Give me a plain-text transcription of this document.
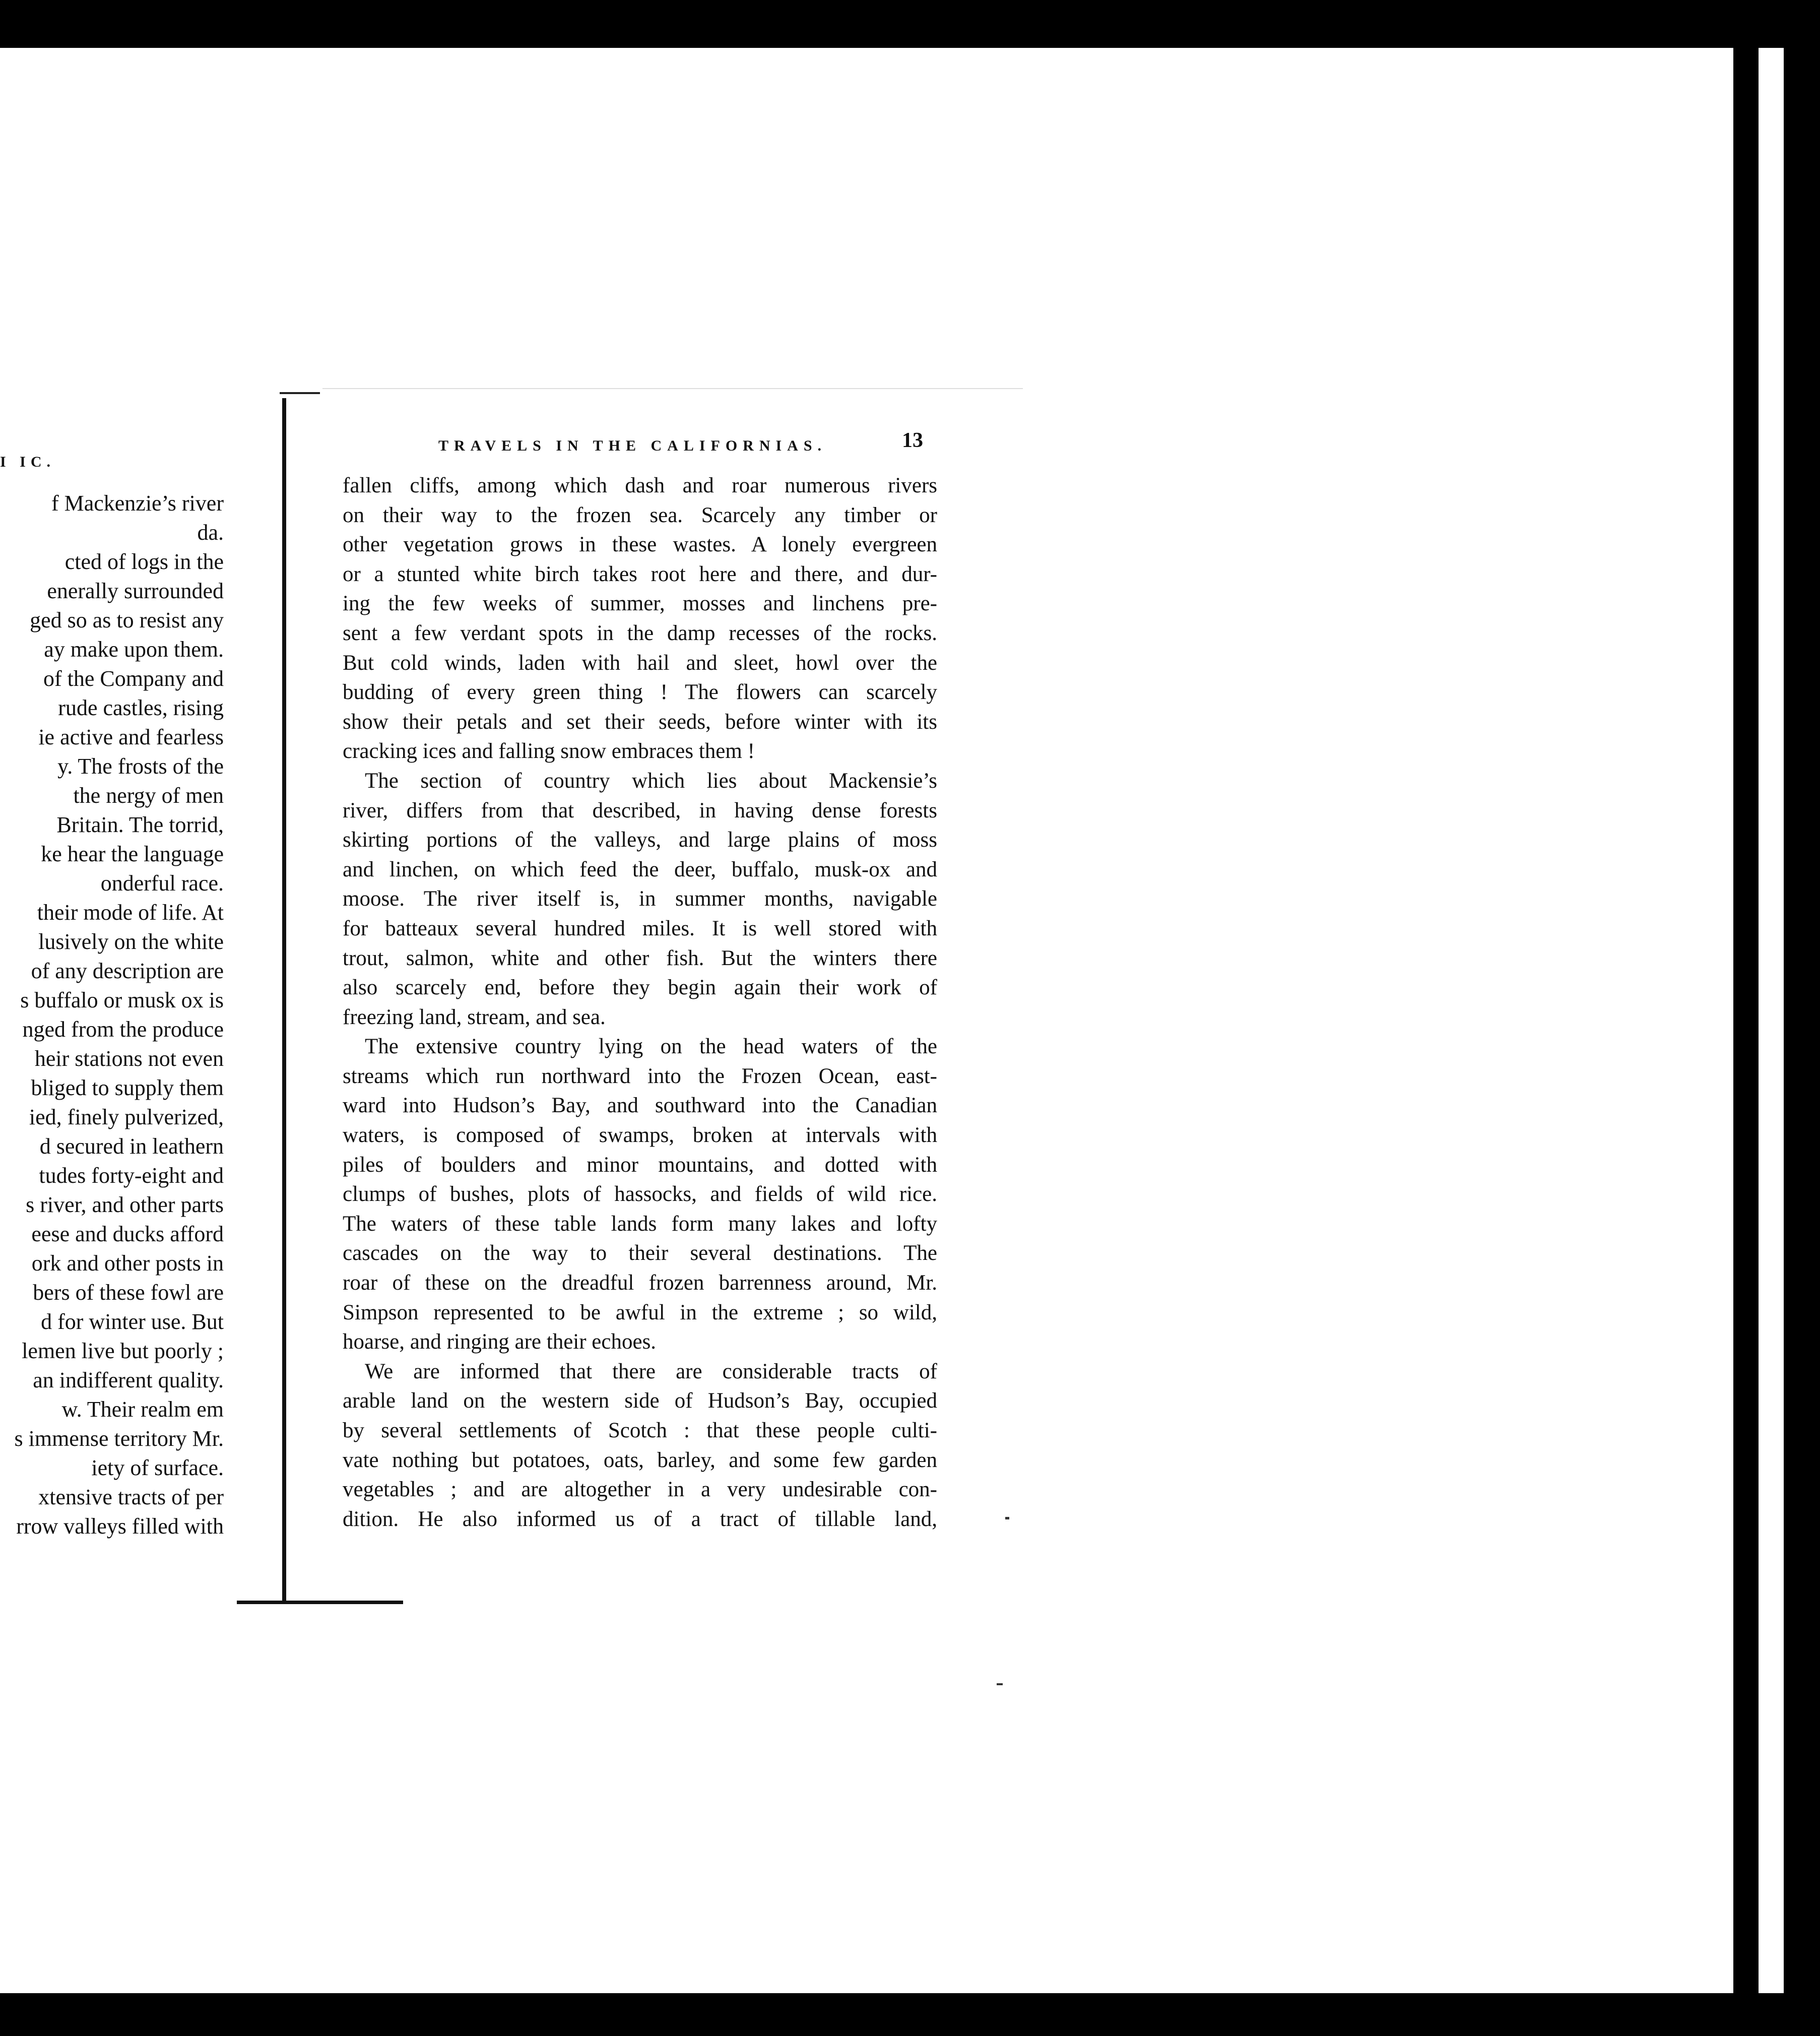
I IC.
f Mackenzie’s river
da.
cted of logs in the
enerally surrounded
ged so as to resist any
ay make upon them.
of the Company and
rude castles, rising
ie active and fearless
y. The frosts of the
the nergy of men
Britain. The torrid,
ke hear the language
onderful race.
their mode of life. At
lusively on the white
of any description are
s buffalo or musk ox is
nged from the produce
heir stations not even
bliged to supply them
ied, finely pulverized,
d secured in leathern
tudes forty-eight and
s river, and other parts
eese and ducks afford
ork and other posts in
bers of these fowl are
d for winter use. But
lemen live but poorly ;
an indifferent quality.
w. Their realm em
s immense territory Mr.
iety of surface.
xtensive tracts of per
rrow valleys filled with
TRAVELS IN THE CALIFORNIAS.	13
fallen cliffs, among which dash and roar numerous rivers
on their way to the frozen sea. Scarcely any timber or
other vegetation grows in these wastes. A lonely evergreen
or a stunted white birch takes root here and there, and dur-
ing the few weeks of summer, mosses and linchens pre-
sent a few verdant spots in the damp recesses of the rocks.
But cold winds, laden with hail and sleet, howl over the
budding of every green thing ! The flowers can scarcely
show their petals and set their seeds, before winter with its
cracking ices and falling snow embraces them !
The section of country which lies about Mackensie’s
river, differs from that described, in having dense forests
skirting portions of the valleys, and large plains of moss
and linchen, on which feed the deer, buffalo, musk-ox and
moose. The river itself is, in summer months, navigable
for batteaux several hundred miles. It is well stored with
trout, salmon, white and other fish. But the winters there
also scarcely end, before they begin again their work of
freezing land, stream, and sea.
The extensive country lying on the head waters of the
streams which run northward into the Frozen Ocean, east-
ward into Hudson’s Bay, and southward into the Canadian
waters, is composed of swamps, broken at intervals with
piles of boulders and minor mountains, and dotted with
clumps of bushes, plots of hassocks, and fields of wild rice.
The waters of these table lands form many lakes and lofty
cascades on the way to their several destinations. The
roar of these on the dreadful frozen barrenness around, Mr.
Simpson represented to be awful in the extreme ; so wild,
hoarse, and ringing are their echoes.
We are informed that there are considerable tracts of
arable land on the western side of Hudson’s Bay, occupied
by several settlements of Scotch : that these people culti-
vate nothing but potatoes, oats, barley, and some few garden
vegetables ; and are altogether in a very undesirable con-
dition. He also informed us of a tract of tillable land,
